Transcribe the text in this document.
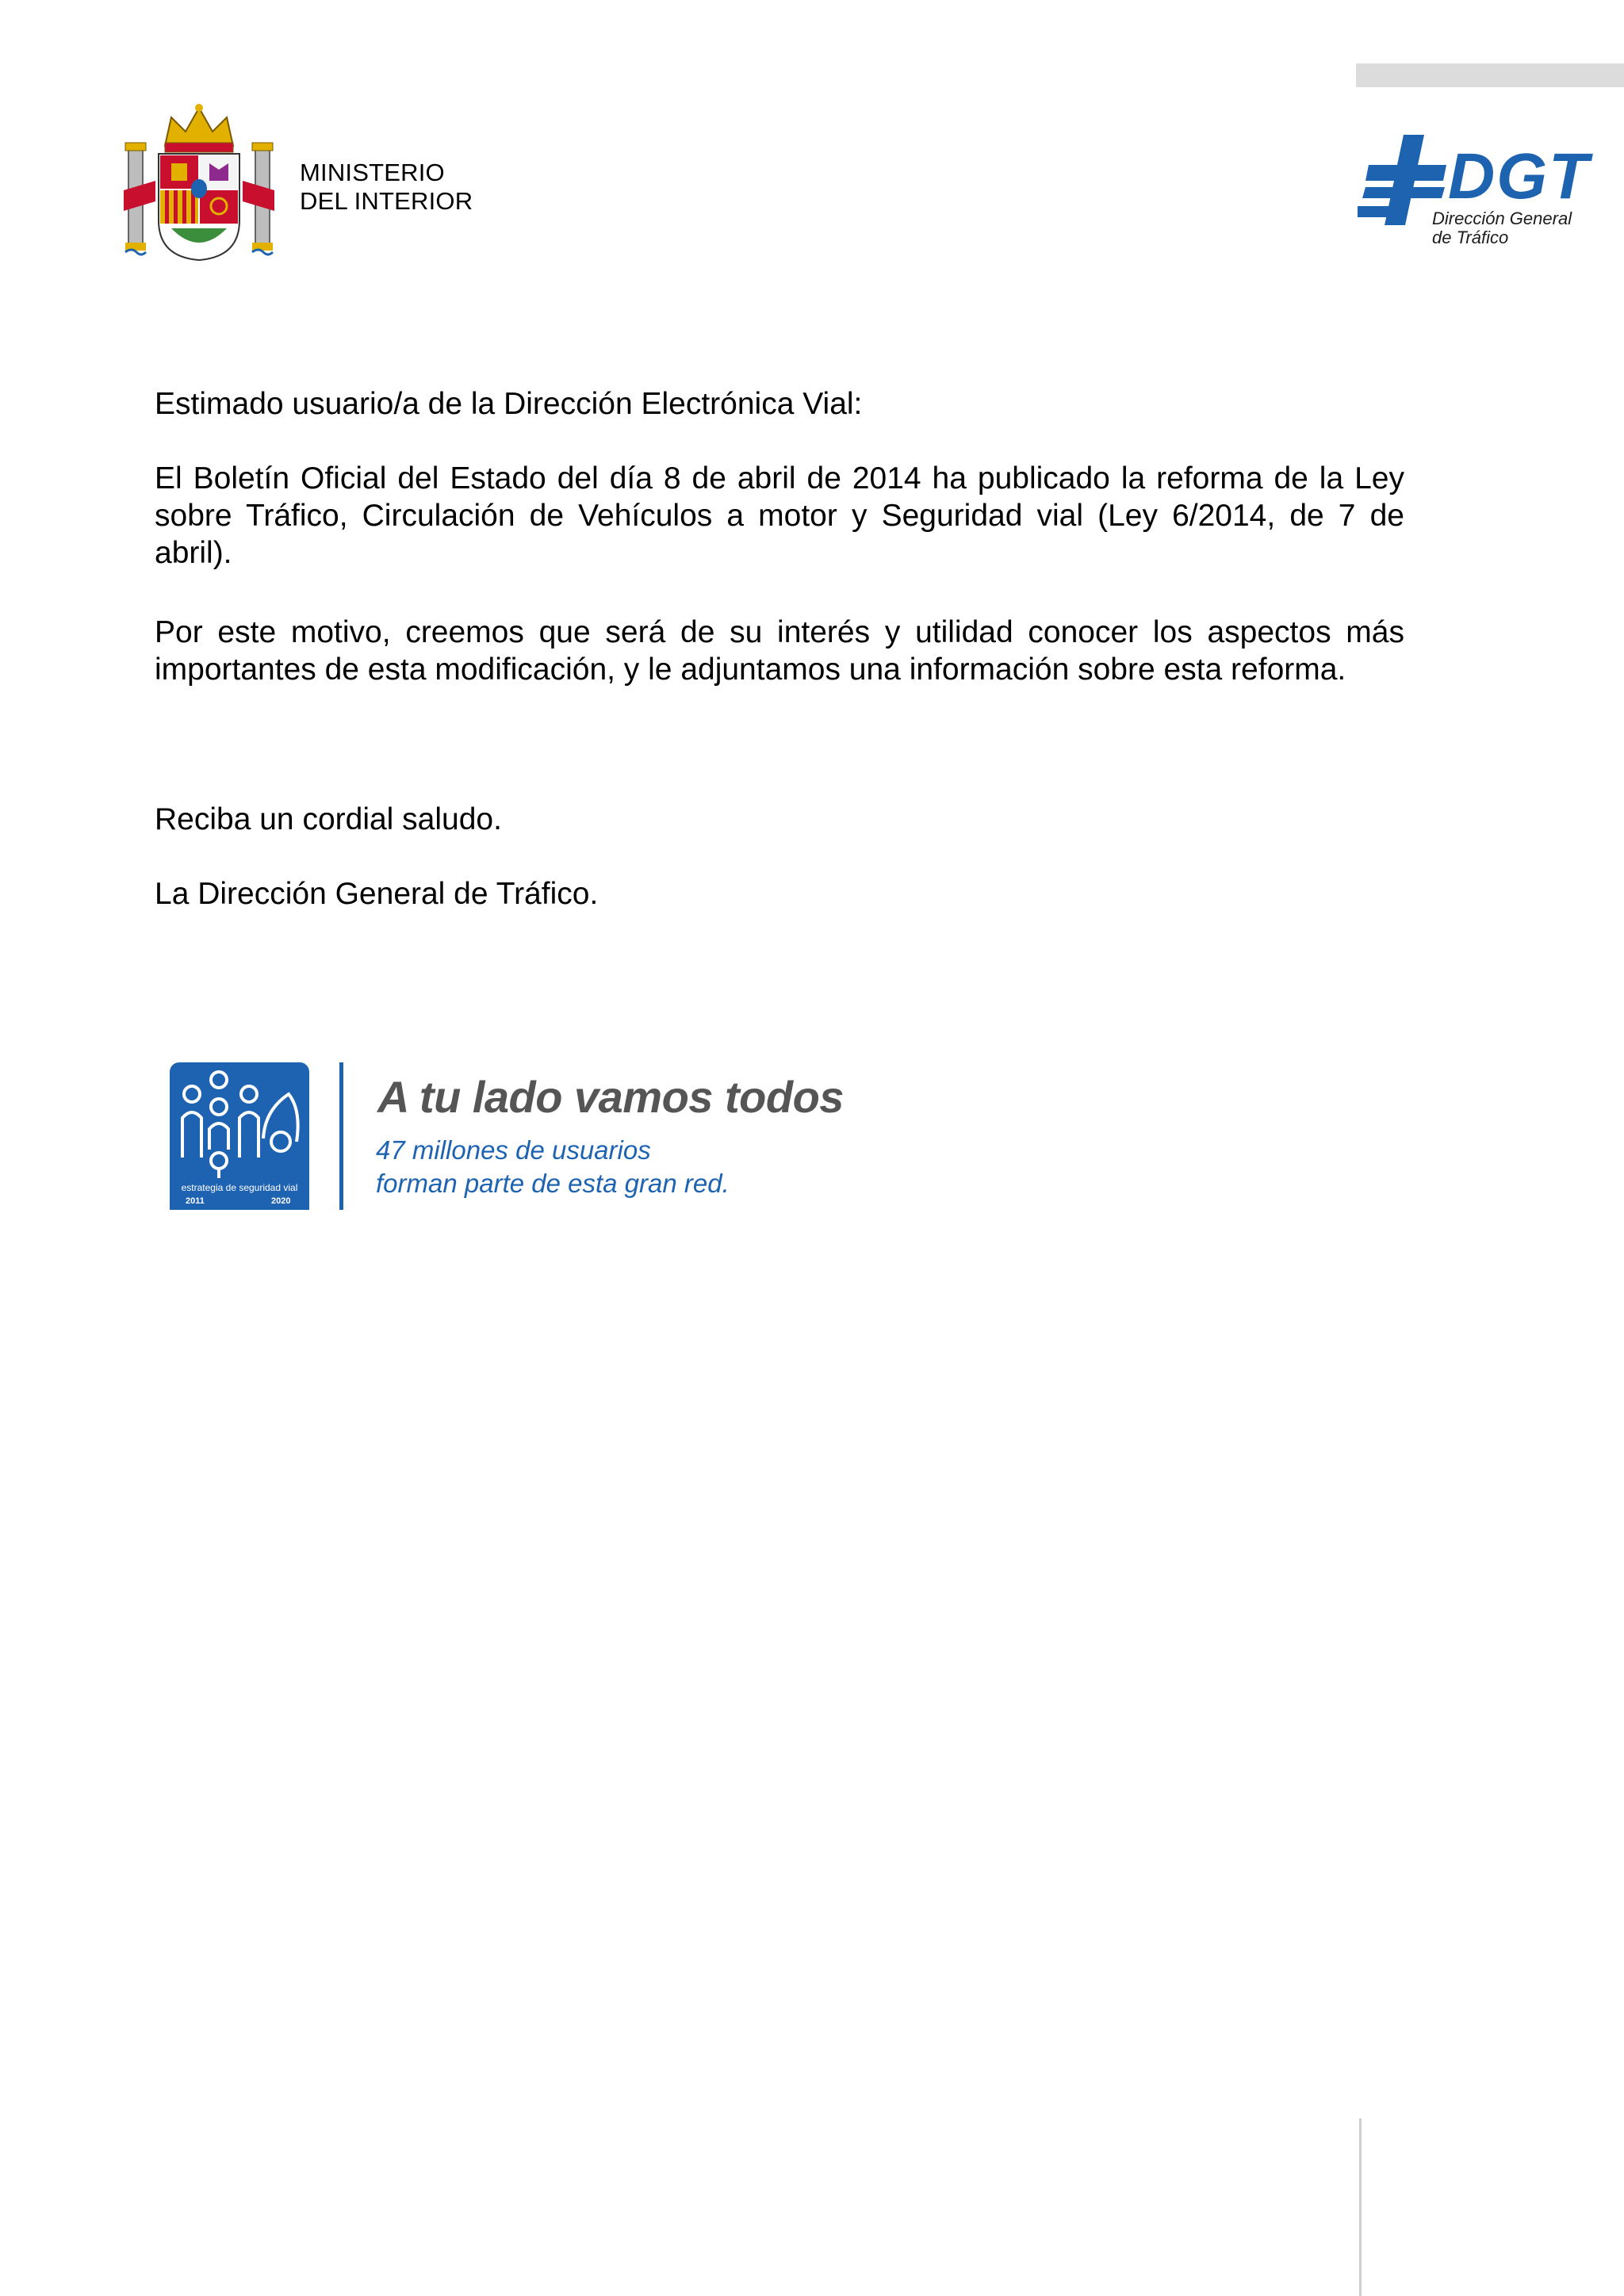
MINISTERIO
DEL INTERIOR	DGT
Dirección General
de Tráfico
Estimado usuario/a de la Dirección Electrónica Vial:
El Boletín Oficial del Estado del día 8 de abril de 2014 ha publicado la reforma de la Ley sobre Tráfico, Circulación de Vehículos a motor y Seguridad vial (Ley 6/2014, de 7 de abril).
Por este motivo, creemos que será de su interés y utilidad conocer los aspectos más importantes de esta modificación, y le adjuntamos una información sobre esta reforma.
Reciba un cordial saludo.
La Dirección General de Tráfico.
estrategia de seguridad vial
2011	2020
A tu lado vamos todos
47 millones de usuarios
forman parte de esta gran red.
